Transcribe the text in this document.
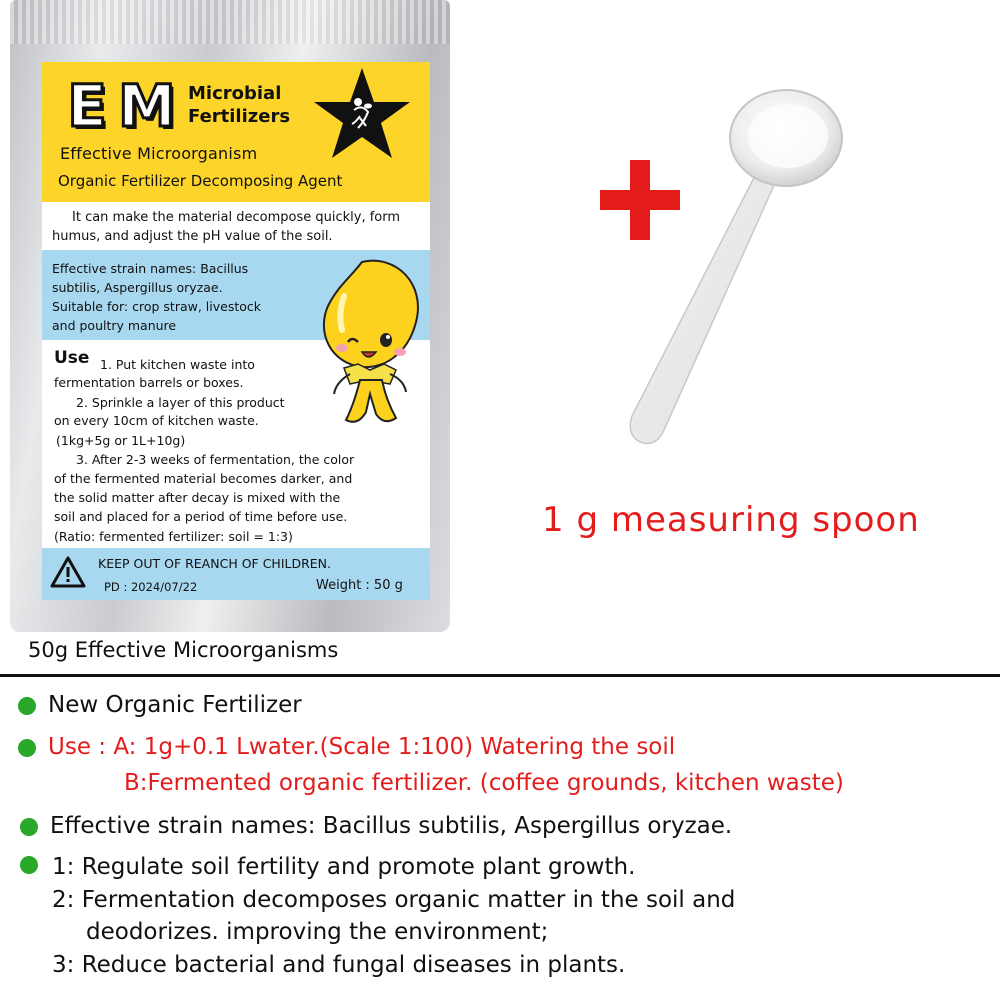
E M Microbial
Fertilizers
Effective Microorganism
Organic Fertilizer Decomposing Agent
It can make the material decompose quickly, form humus, and adjust the pH value of the soil.
Effective strain names: Bacillus
subtilis, Aspergillus oryzae.
Suitable for: crop straw, livestock
and poultry manure
Use 1. Put kitchen waste into
fermentation barrels or boxes.
2. Sprinkle a layer of this product
on every 10cm of kitchen waste.
(1kg+5g or 1L+10g)
3. After 2-3 weeks of fermentation, the color
of the fermented material becomes darker, and
the solid matter after decay is mixed with the
soil and placed for a period of time before use.
(Ratio: fermented fertilizer: soil = 1:3)
KEEP OUT OF REANCH OF CHILDREN.
PD : 2024/07/22	Weight : 50 g
50g Effective Microorganisms
1 g measuring spoon
New Organic Fertilizer
Use : A: 1g+0.1 Lwater.(Scale 1:100) Watering the soil
B:Fermented organic fertilizer. (coffee grounds, kitchen waste)
Effective strain names: Bacillus subtilis, Aspergillus oryzae.
1: Regulate soil fertility and promote plant growth.
2: Fermentation decomposes organic matter in the soil and
deodorizes. improving the environment;
3: Reduce bacterial and fungal diseases in plants.
